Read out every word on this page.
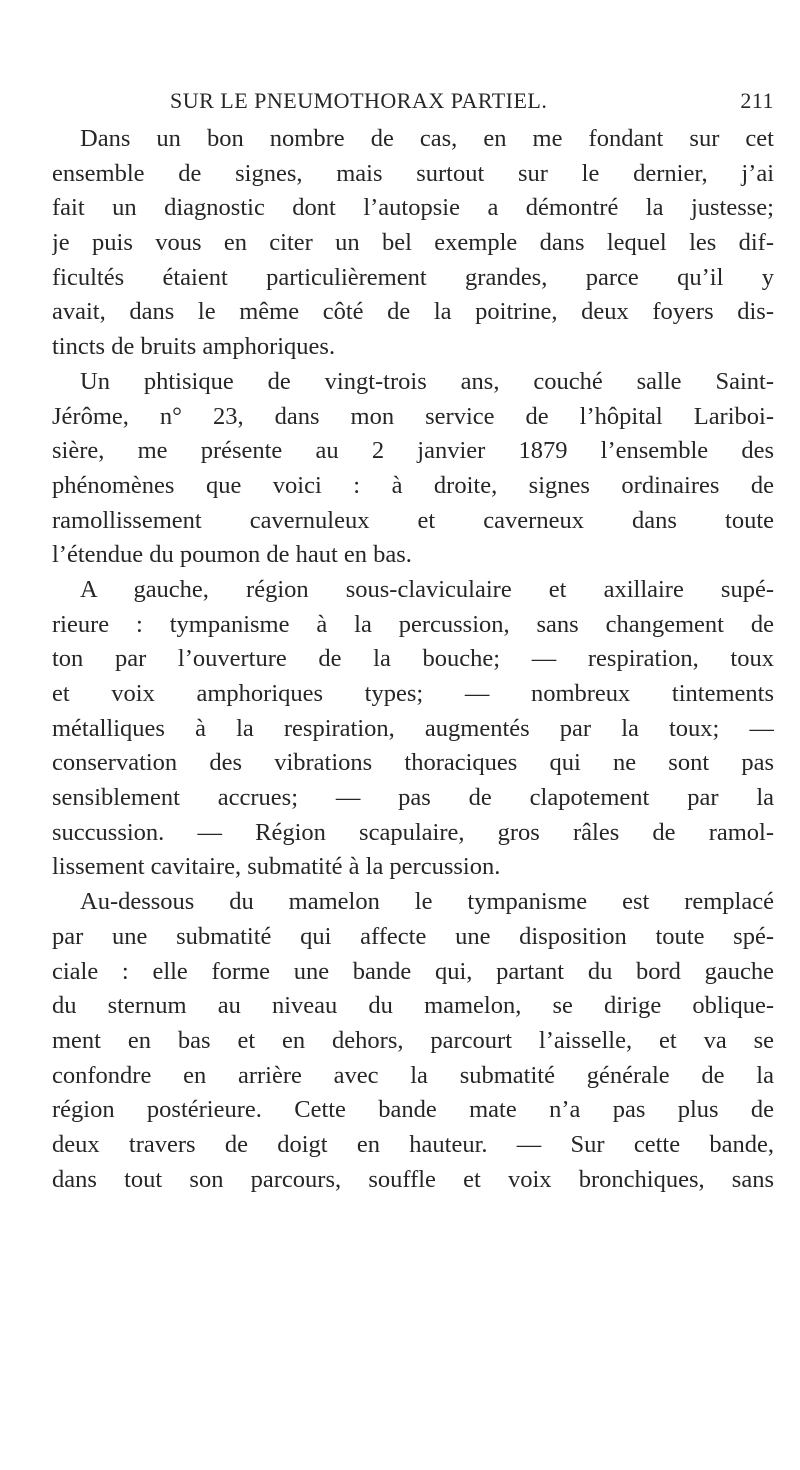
SUR LE PNEUMOTHORAX PARTIEL.	211
Dans un bon nombre de cas, en me fondant sur cet
ensemble de signes, mais surtout sur le dernier, j’ai
fait un diagnostic dont l’autopsie a démontré la justesse;
je puis vous en citer un bel exemple dans lequel les dif-
ficultés étaient particulièrement grandes, parce qu’il y
avait, dans le même côté de la poitrine, deux foyers dis-
tincts de bruits amphoriques.
Un phtisique de vingt-trois ans, couché salle Saint-
Jérôme, n° 23, dans mon service de l’hôpital Lariboi-
sière, me présente au 2 janvier 1879 l’ensemble des
phénomènes que voici : à droite, signes ordinaires de
ramollissement cavernuleux et caverneux dans toute
l’étendue du poumon de haut en bas.
A gauche, région sous-claviculaire et axillaire supé-
rieure : tympanisme à la percussion, sans changement de
ton par l’ouverture de la bouche; — respiration, toux
et voix amphoriques types; — nombreux tintements
métalliques à la respiration, augmentés par la toux; —
conservation des vibrations thoraciques qui ne sont pas
sensiblement accrues; — pas de clapotement par la
succussion. — Région scapulaire, gros râles de ramol-
lissement cavitaire, submatité à la percussion.
Au-dessous du mamelon le tympanisme est remplacé
par une submatité qui affecte une disposition toute spé-
ciale : elle forme une bande qui, partant du bord gauche
du sternum au niveau du mamelon, se dirige oblique-
ment en bas et en dehors, parcourt l’aisselle, et va se
confondre en arrière avec la submatité générale de la
région postérieure. Cette bande mate n’a pas plus de
deux travers de doigt en hauteur. — Sur cette bande,
dans tout son parcours, souffle et voix bronchiques, sans
